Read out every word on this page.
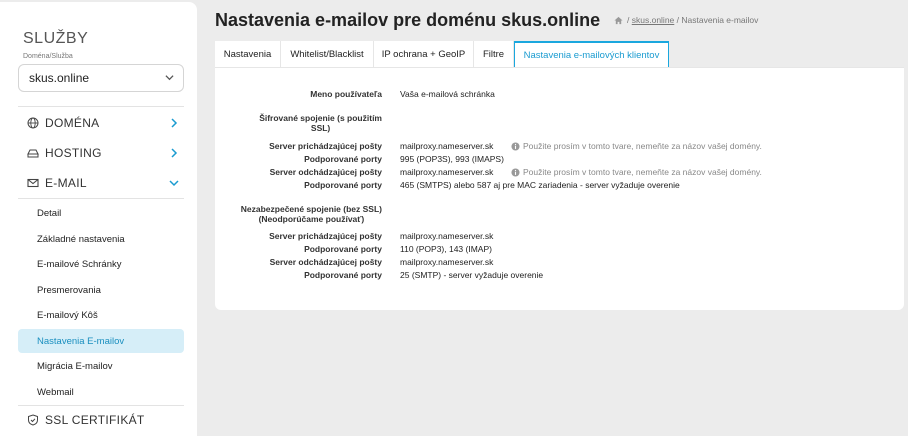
SLUŽBY
Doména/Služba
skus.online
DOMÉNA
HOSTING
E-MAIL
Detail
Základné nastavenia
E-mailové Schránky
Presmerovania
E-mailový Kôš
Nastavenia E-mailov
Migrácia E-mailov
Webmail
SSL CERTIFIKÁT
Nastavenia e-mailov pre doménu skus.online	/
skus.online
/
Nastavenia e-mailov
Nastavenia Whitelist/Blacklist IP ochrana + GeoIP Filtre Nastavenia e-mailových klientov
Meno používateľa Vaša e-mailová schránka
Šifrované spojenie (s použitím
SSL)
Server prichádzajúcej pošty mailproxy.nameserver.sk	Použite prosím v tomto tvare, nemeňte za názov vašej domény.
Podporované porty 995 (POP3S), 993 (IMAPS)
Server odchádzajúcej pošty mailproxy.nameserver.sk	Použite prosím v tomto tvare, nemeňte za názov vašej domény.
Podporované porty 465 (SMTPS) alebo 587 aj pre MAC zariadenia - server vyžaduje overenie
Nezabezpečené spojenie (bez SSL)
(Neodporúčame používať)
Server prichádzajúcej pošty mailproxy.nameserver.sk
Podporované porty 110 (POP3), 143 (IMAP)
Server odchádzajúcej pošty mailproxy.nameserver.sk
Podporované porty 25 (SMTP) - server vyžaduje overenie
